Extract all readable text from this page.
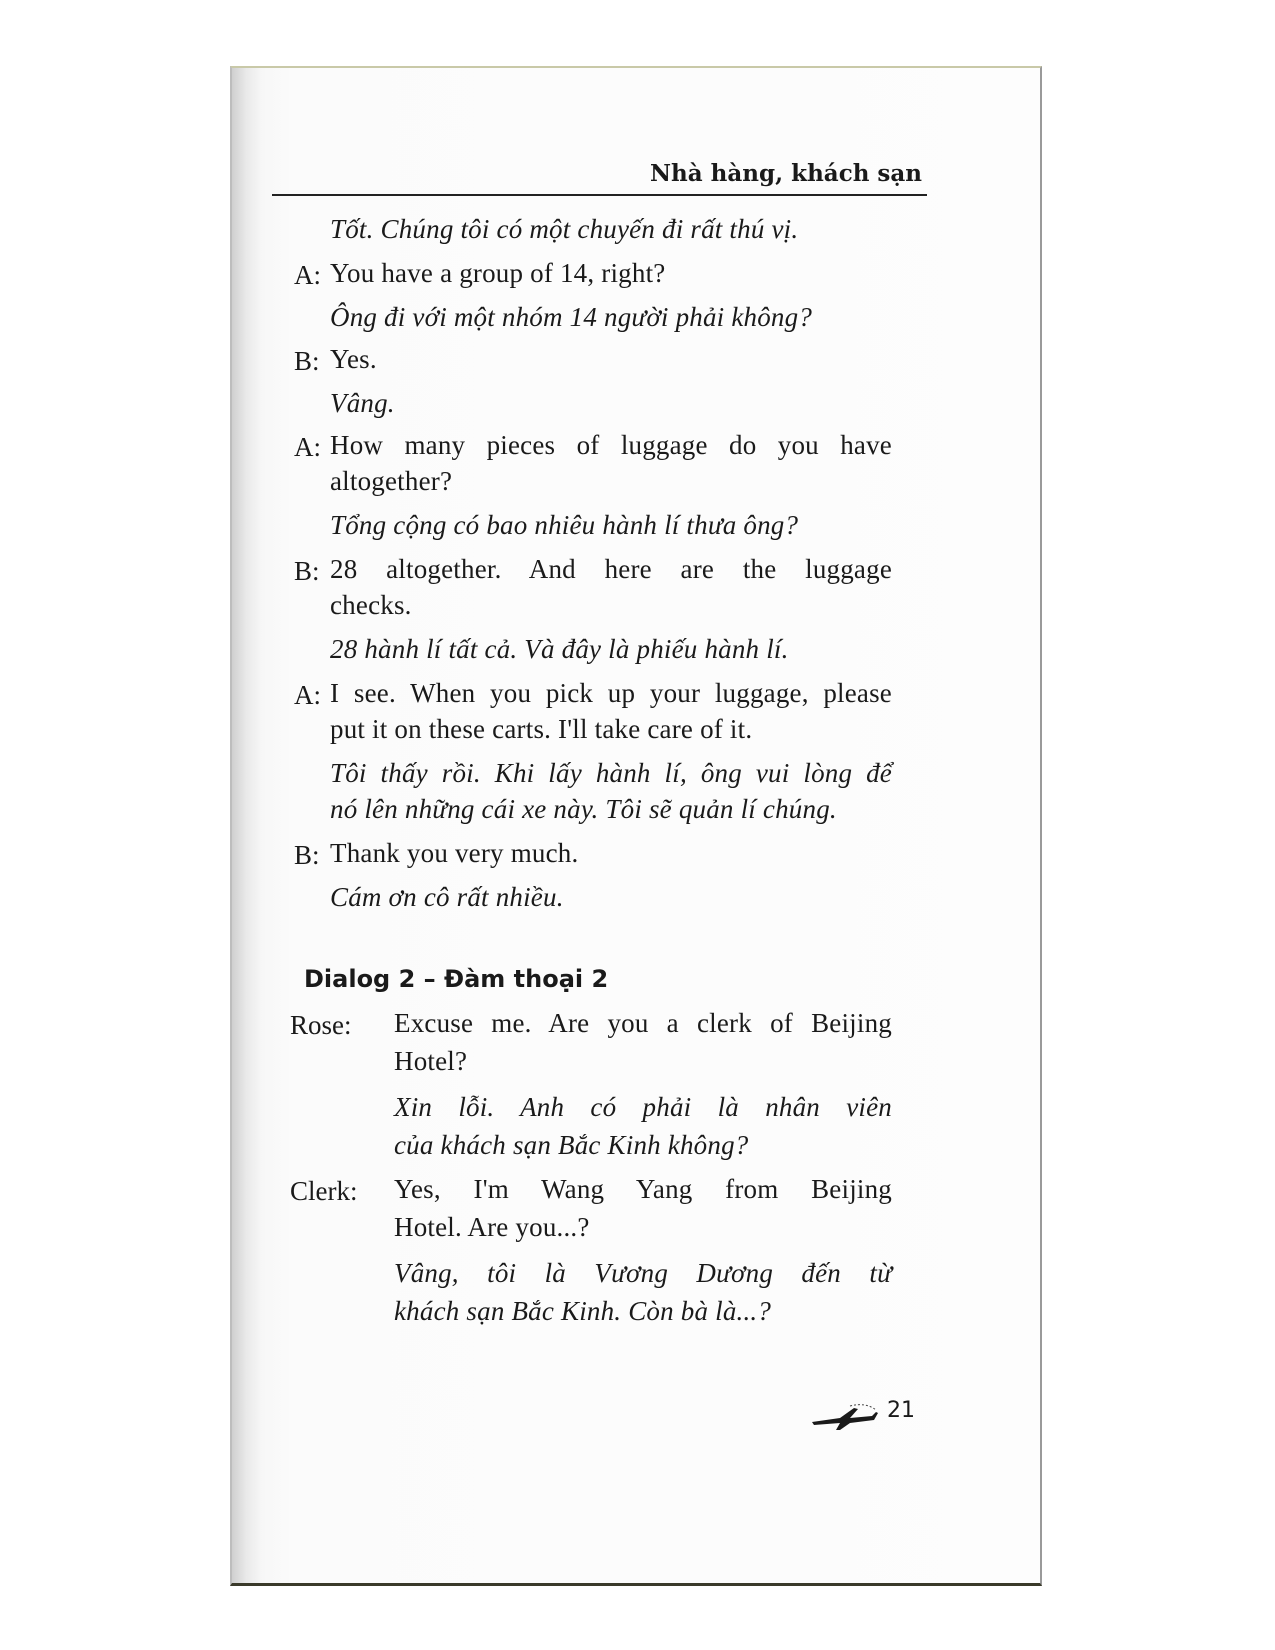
Nhà hàng, khách sạn
Tốt. Chúng tôi có một chuyến đi rất thú vị.
A: You have a group of 14, right?
Ông đi với một nhóm 14 người phải không?
B: Yes.
Vâng.
A: How many pieces of luggage do you have
altogether?
Tổng cộng có bao nhiêu hành lí thưa ông?
B: 28 altogether. And here are the luggage
checks.
28 hành lí tất cả. Và đây là phiếu hành lí.
A: I see. When you pick up your luggage, please
put it on these carts. I'll take care of it.
Tôi thấy rồi. Khi lấy hành lí, ông vui lòng để
nó lên những cái xe này. Tôi sẽ quản lí chúng.
B: Thank you very much.
Cám ơn cô rất nhiều.
Dialog 2 – Đàm thoại 2
Rose: Excuse me. Are you a clerk of Beijing
Hotel?
Xin lỗi. Anh có phải là nhân viên
của khách sạn Bắc Kinh không?
Clerk: Yes, I'm Wang Yang from Beijing
Hotel. Are you...?
Vâng, tôi là Vương Dương đến từ
khách sạn Bắc Kinh. Còn bà là...?
21
